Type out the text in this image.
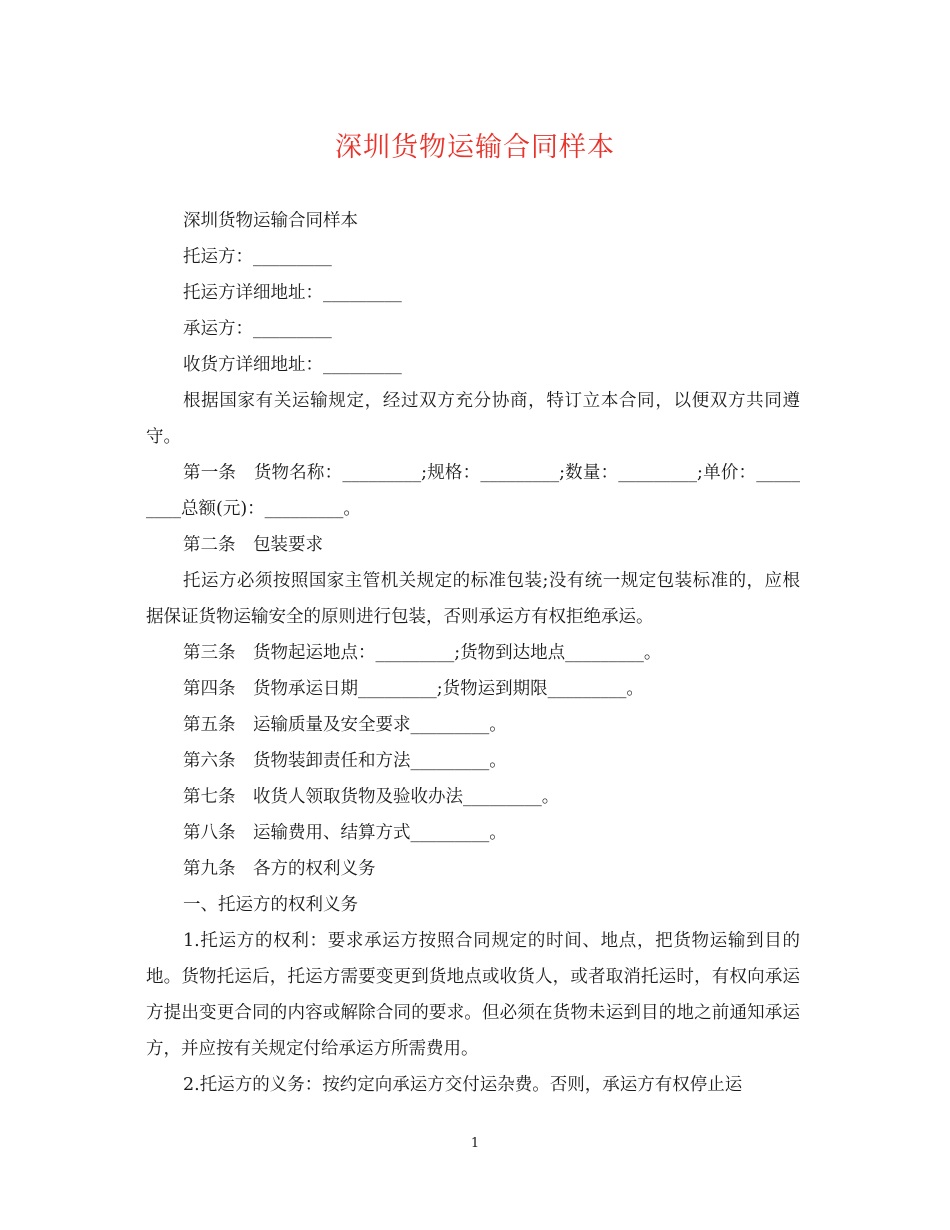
深圳货物运输合同样本

深圳货物运输合同样本

托运方：_________

托运方详细地址：_________

承运方：_________

收货方详细地址：_________

根据国家有关运输规定，经过双方充分协商，特订立本合同，以便双方共同遵守。

第一条　货物名称：_________;规格：_________;数量：_________;单价：_________总额(元)：_________。

第二条　包装要求

托运方必须按照国家主管机关规定的标准包装;没有统一规定包装标准的，应根据保证货物运输安全的原则进行包装，否则承运方有权拒绝承运。

第三条　货物起运地点：_________;货物到达地点_________。

第四条　货物承运日期_________;货物运到期限_________。

第五条　运输质量及安全要求_________。

第六条　货物装卸责任和方法_________。

第七条　收货人领取货物及验收办法_________。

第八条　运输费用、结算方式_________。

第九条　各方的权利义务

一、托运方的权利义务

1.托运方的权利：要求承运方按照合同规定的时间、地点，把货物运输到目的地。货物托运后，托运方需要变更到货地点或收货人，或者取消托运时，有权向承运方提出变更合同的内容或解除合同的要求。但必须在货物未运到目的地之前通知承运方，并应按有关规定付给承运方所需费用。

2.托运方的义务：按约定向承运方交付运杂费。否则，承运方有权停止运

1
